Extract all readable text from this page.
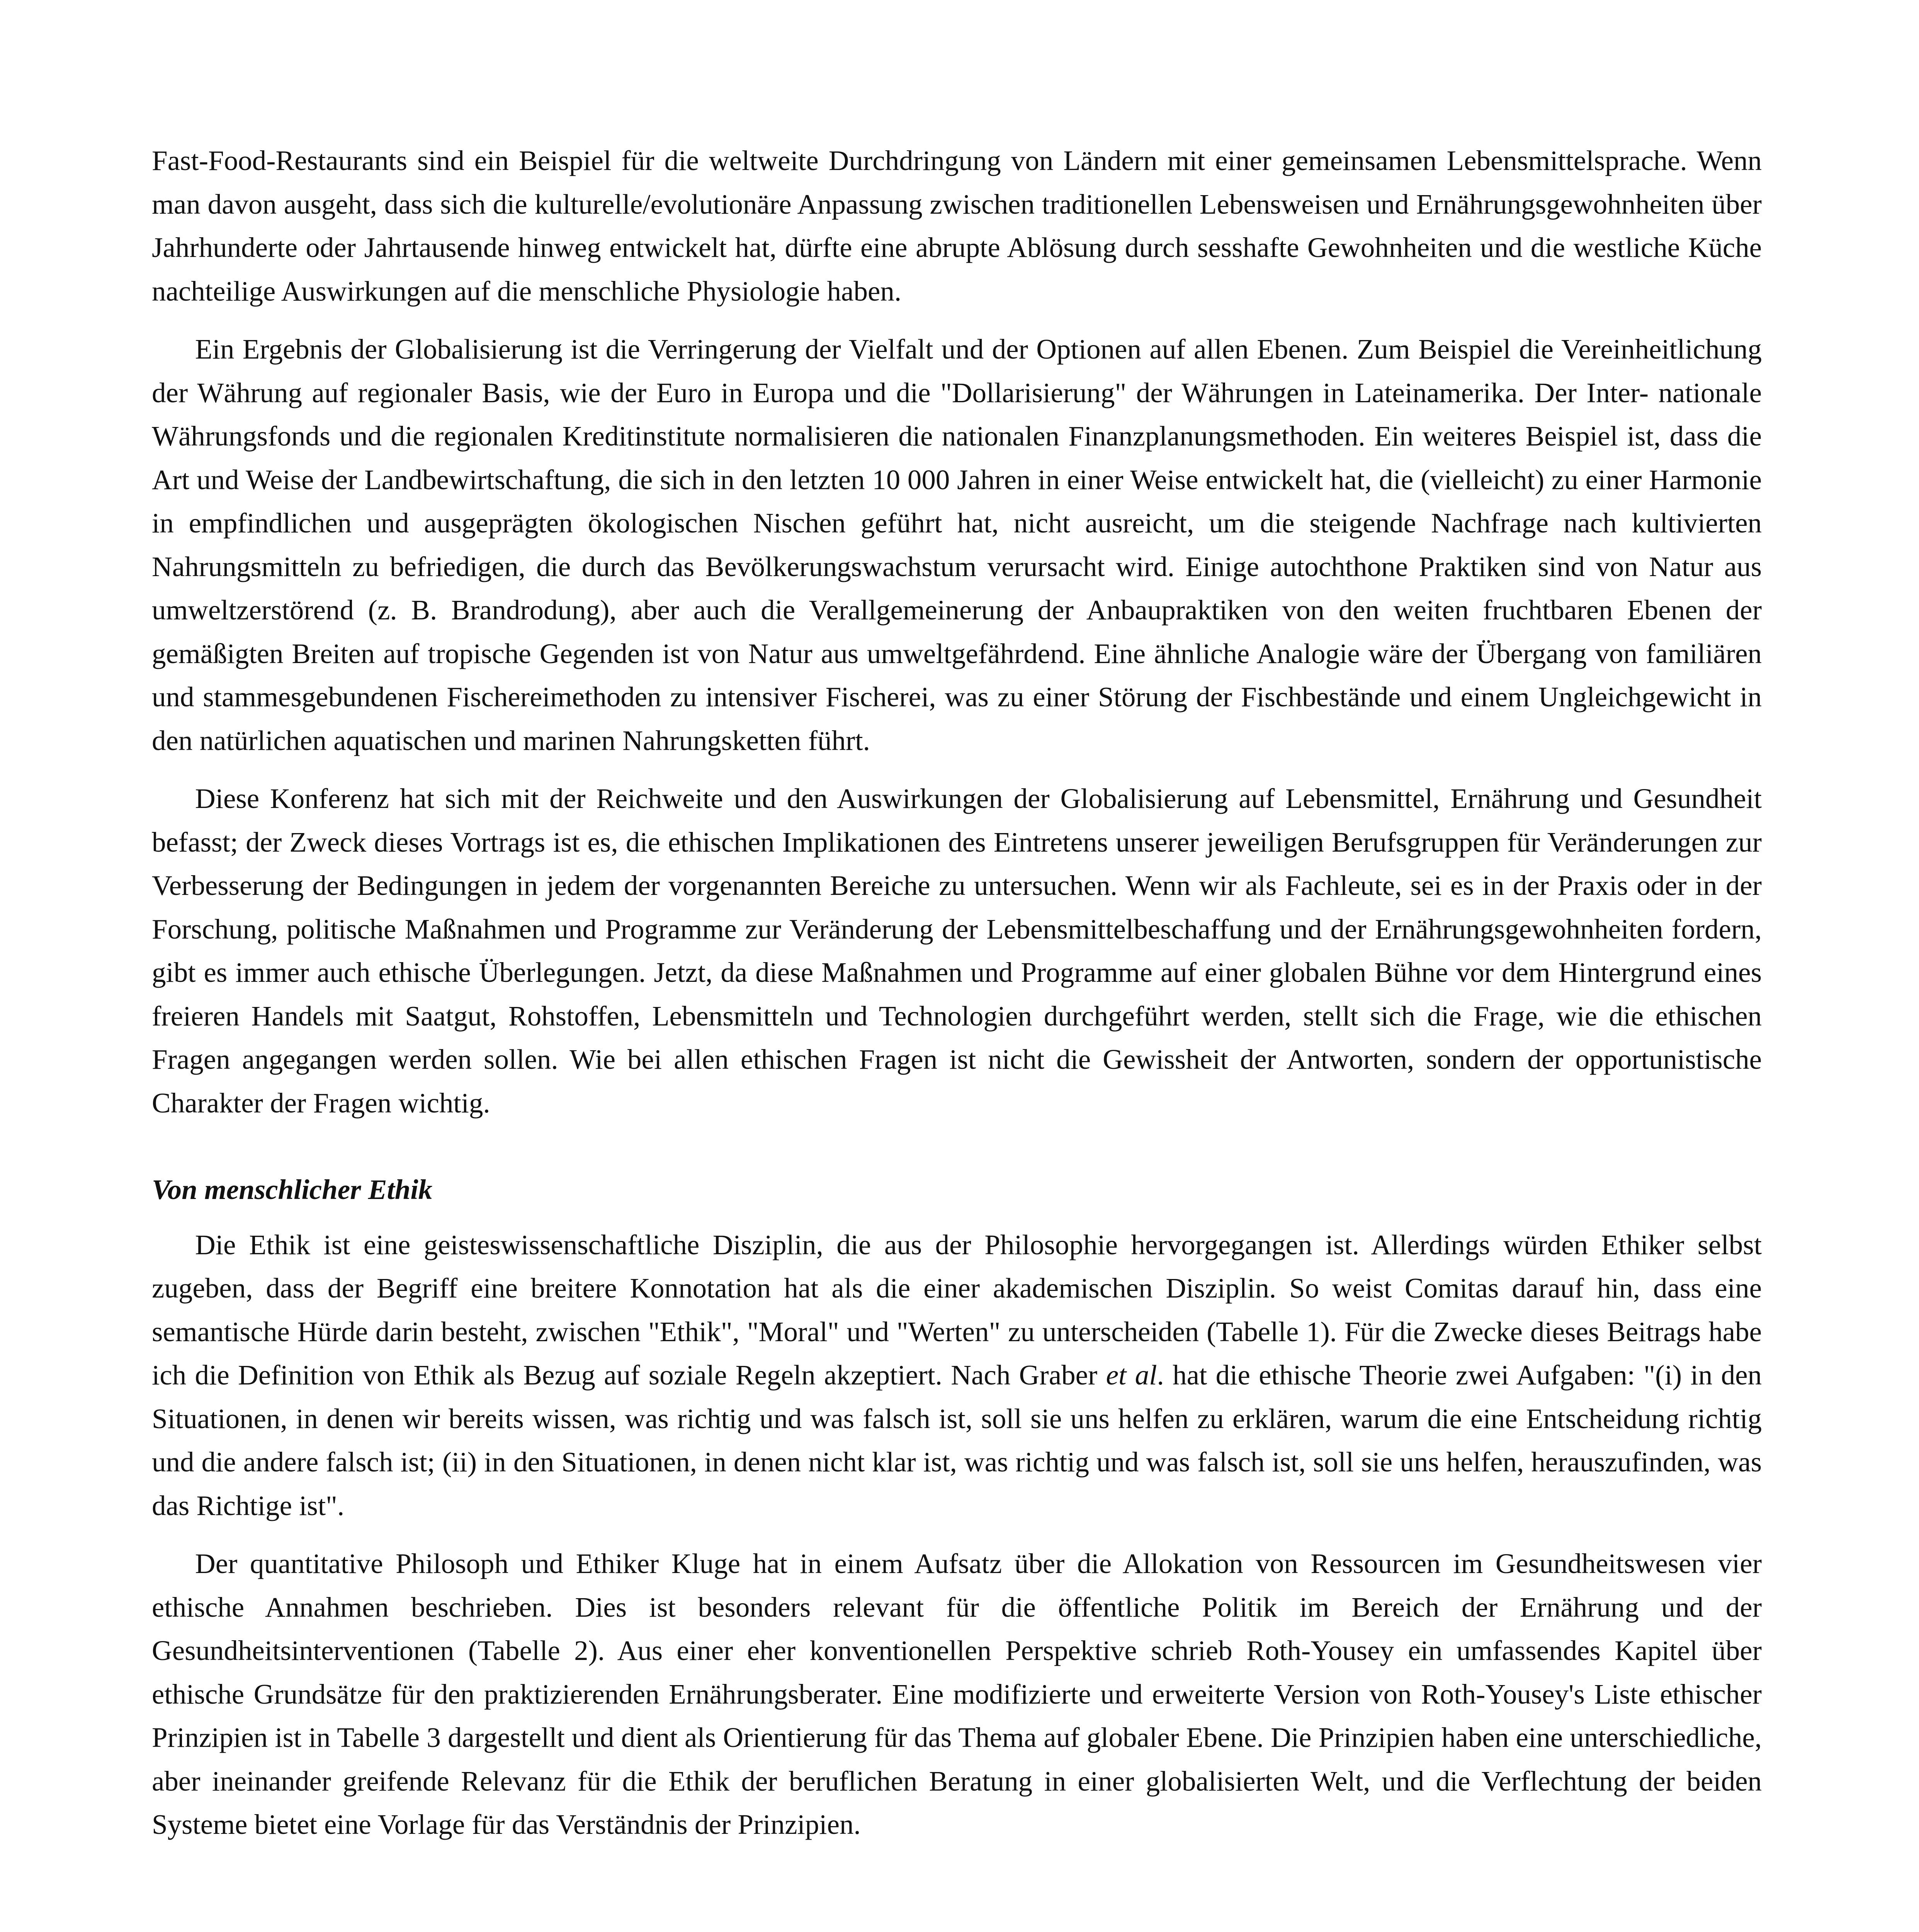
Fast-Food-Restaurants sind ein Beispiel für die weltweite Durchdringung von Ländern mit einer gemeinsamen Lebensmittelsprache. Wenn man davon ausgeht, dass sich die kulturelle/evolutionäre Anpassung zwischen traditionellen Lebensweisen und Ernährungsgewohnheiten über Jahrhunderte oder Jahrtausende hinweg entwickelt hat, dürfte eine abrupte Ablösung durch sesshafte Gewohnheiten und die westliche Küche nachteilige Auswirkungen auf die menschliche Physiologie haben.

Ein Ergebnis der Globalisierung ist die Verringerung der Vielfalt und der Optionen auf allen Ebenen. Zum Beispiel die Vereinheitlichung der Währung auf regionaler Basis, wie der Euro in Europa und die "Dollarisierung" der Währungen in Lateinamerika. Der Inter- nationale Währungsfonds und die regionalen Kreditinstitute normalisieren die nationalen Finanzplanungsmethoden. Ein weiteres Beispiel ist, dass die Art und Weise der Landbewirtschaftung, die sich in den letzten 10 000 Jahren in einer Weise entwickelt hat, die (vielleicht) zu einer Harmonie in empfindlichen und ausgeprägten ökologischen Nischen geführt hat, nicht ausreicht, um die steigende Nachfrage nach kultivierten Nahrungsmitteln zu befriedigen, die durch das Bevölkerungswachstum verursacht wird. Einige autochthone Praktiken sind von Natur aus umweltzerstörend (z. B. Brandrodung), aber auch die Verallgemeinerung der Anbaupraktiken von den weiten fruchtbaren Ebenen der gemäßigten Breiten auf tropische Gegenden ist von Natur aus umweltgefährdend. Eine ähnliche Analogie wäre der Übergang von familiären und stammesgebundenen Fischereimethoden zu intensiver Fischerei, was zu einer Störung der Fischbestände und einem Ungleichgewicht in den natürlichen aquatischen und marinen Nahrungsketten führt.

Diese Konferenz hat sich mit der Reichweite und den Auswirkungen der Globalisierung auf Lebensmittel, Ernährung und Gesundheit befasst; der Zweck dieses Vortrags ist es, die ethischen Implikationen des Eintretens unserer jeweiligen Berufsgruppen für Veränderungen zur Verbesserung der Bedingungen in jedem der vorgenannten Bereiche zu untersuchen. Wenn wir als Fachleute, sei es in der Praxis oder in der Forschung, politische Maßnahmen und Programme zur Veränderung der Lebensmittelbeschaffung und der Ernährungsgewohnheiten fordern, gibt es immer auch ethische Überlegungen. Jetzt, da diese Maßnahmen und Programme auf einer globalen Bühne vor dem Hintergrund eines freieren Handels mit Saatgut, Rohstoffen, Lebensmitteln und Technologien durchgeführt werden, stellt sich die Frage, wie die ethischen Fragen angegangen werden sollen. Wie bei allen ethischen Fragen ist nicht die Gewissheit der Antworten, sondern der opportunistische Charakter der Fragen wichtig.

Von menschlicher Ethik

Die Ethik ist eine geisteswissenschaftliche Disziplin, die aus der Philosophie hervorgegangen ist. Allerdings würden Ethiker selbst zugeben, dass der Begriff eine breitere Konnotation hat als die einer akademischen Disziplin. So weist Comitas darauf hin, dass eine semantische Hürde darin besteht, zwischen "Ethik", "Moral" und "Werten" zu unterscheiden (Tabelle 1). Für die Zwecke dieses Beitrags habe ich die Definition von Ethik als Bezug auf soziale Regeln akzeptiert. Nach Graber et al. hat die ethische Theorie zwei Aufgaben: "(i) in den Situationen, in denen wir bereits wissen, was richtig und was falsch ist, soll sie uns helfen zu erklären, warum die eine Entscheidung richtig und die andere falsch ist; (ii) in den Situationen, in denen nicht klar ist, was richtig und was falsch ist, soll sie uns helfen, herauszufinden, was das Richtige ist".

Der quantitative Philosoph und Ethiker Kluge hat in einem Aufsatz über die Allokation von Ressourcen im Gesundheitswesen vier ethische Annahmen beschrieben. Dies ist besonders relevant für die öffentliche Politik im Bereich der Ernährung und der Gesundheitsinterventionen (Tabelle 2). Aus einer eher konventionellen Perspektive schrieb Roth-Yousey ein umfassendes Kapitel über ethische Grundsätze für den praktizierenden Ernährungsberater. Eine modifizierte und erweiterte Version von Roth-Yousey's Liste ethischer Prinzipien ist in Tabelle 3 dargestellt und dient als Orientierung für das Thema auf globaler Ebene. Die Prinzipien haben eine unterschiedliche, aber ineinander greifende Relevanz für die Ethik der beruflichen Beratung in einer globalisierten Welt, und die Verflechtung der beiden Systeme bietet eine Vorlage für das Verständnis der Prinzipien.
